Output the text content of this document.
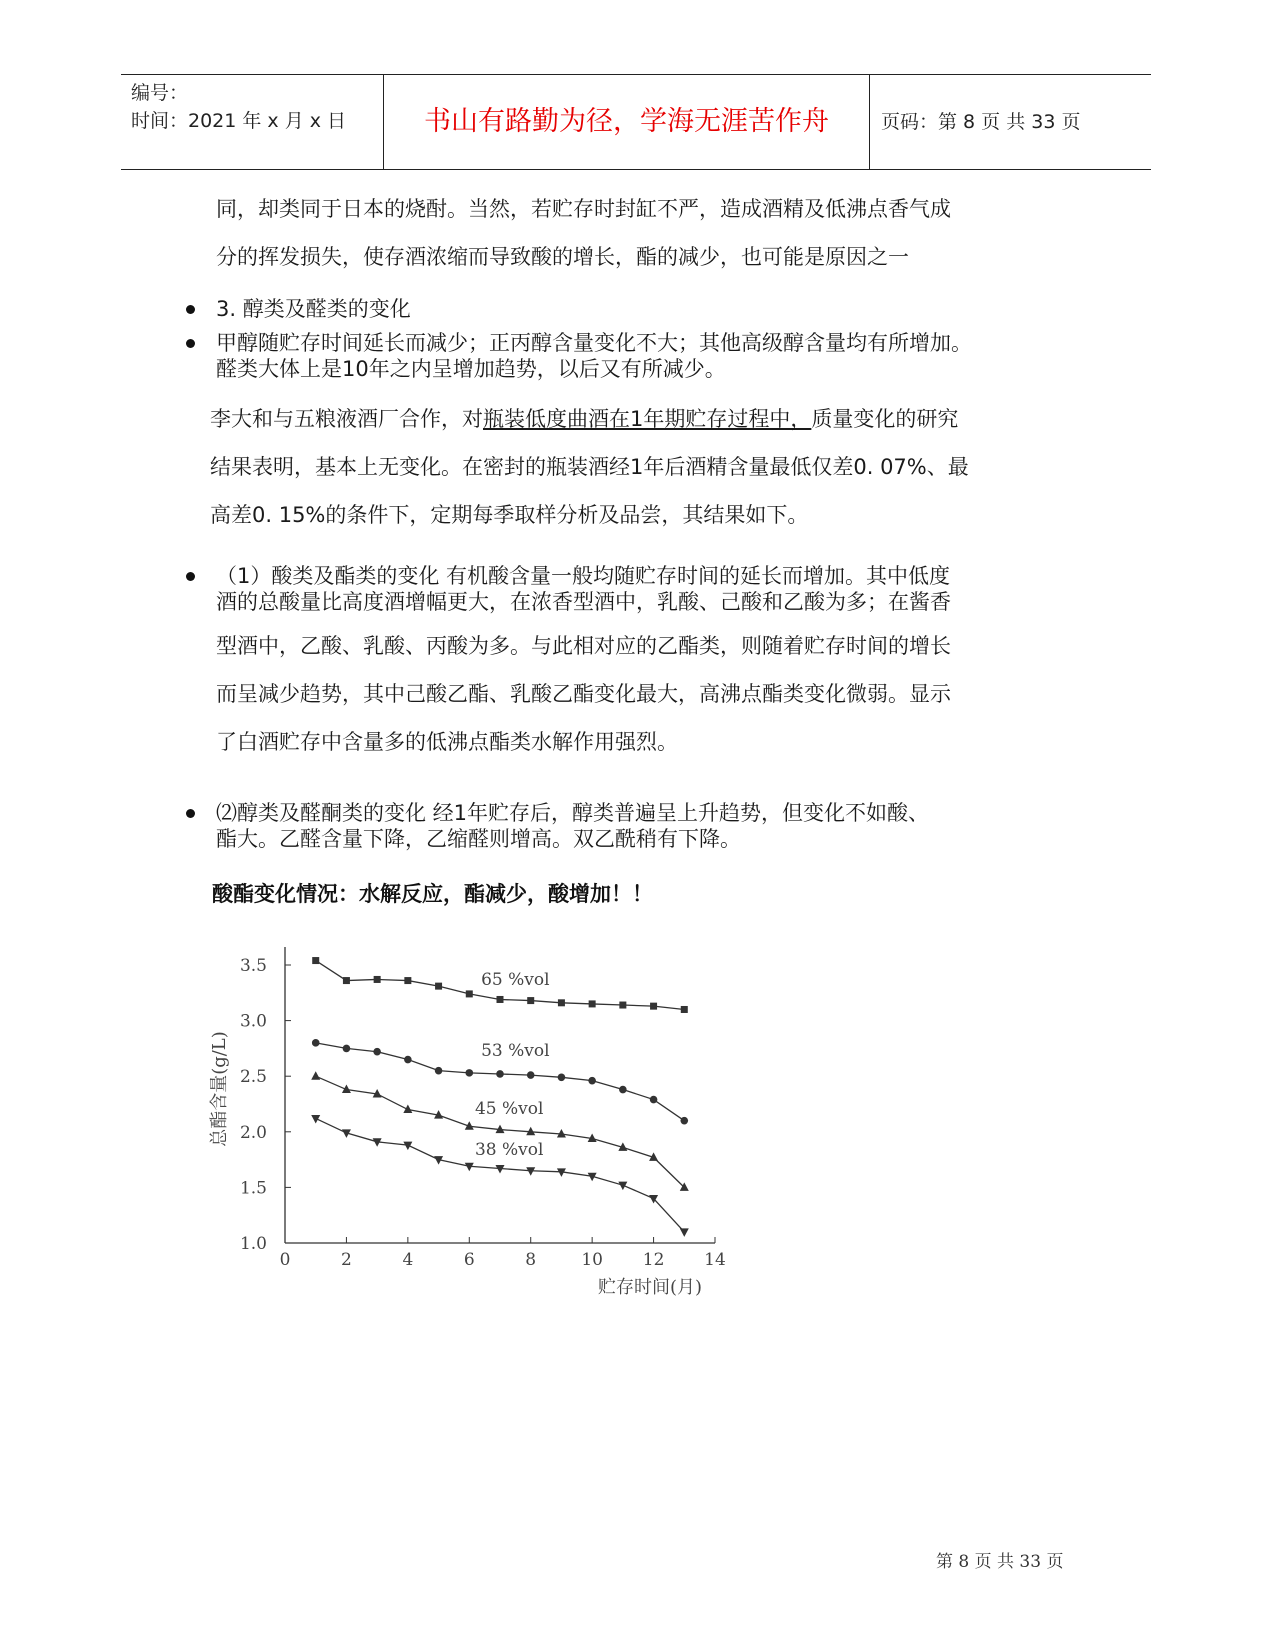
编号：
时间：2021 年 x 月 x 日	书山有路勤为径，学海无涯苦作舟	页码：第 8 页 共 33 页
同，却类同于日本的烧酎。当然，若贮存时封缸不严，造成酒精及低沸点香气成
分的挥发损失，使存酒浓缩而导致酸的增长，酯的减少，也可能是原因之一
3. 醇类及醛类的变化
甲醇随贮存时间延长而减少；正丙醇含量变化不大；其他高级醇含量均有所增加。
醛类大体上是10年之内呈增加趋势，以后又有所减少。
李大和与五粮液酒厂合作，对瓶装低度曲酒在1年期贮存过程中，质量变化的研究
结果表明，基本上无变化。在密封的瓶装酒经1年后酒精含量最低仅差0. 07%、最
高差0. 15%的条件下，定期每季取样分析及品尝，其结果如下。
（1）酸类及酯类的变化 有机酸含量一般均随贮存时间的延长而增加。其中低度
酒的总酸量比高度酒增幅更大，在浓香型酒中，乳酸、己酸和乙酸为多；在酱香
型酒中，乙酸、乳酸、丙酸为多。与此相对应的乙酯类，则随着贮存时间的增长
而呈减少趋势，其中己酸乙酯、乳酸乙酯变化最大，高沸点酯类变化微弱。显示
了白酒贮存中含量多的低沸点酯类水解作用强烈。
⑵醇类及醛酮类的变化 经1年贮存后，醇类普遍呈上升趋势，但变化不如酸、
酯大。乙醛含量下降，乙缩醛则增高。双乙酰稍有下降。
酸酯变化情况：水解反应，酯减少，酸增加！！
1.0
1.5
2.0
2.5
3.0
3.5
0	2	4	6	8	10 12 14
贮存时间(月)
总酯含量(g/L)
65 %vol
53 %vol
45 %vol
38 %vol
第 8 页 共 33 页
